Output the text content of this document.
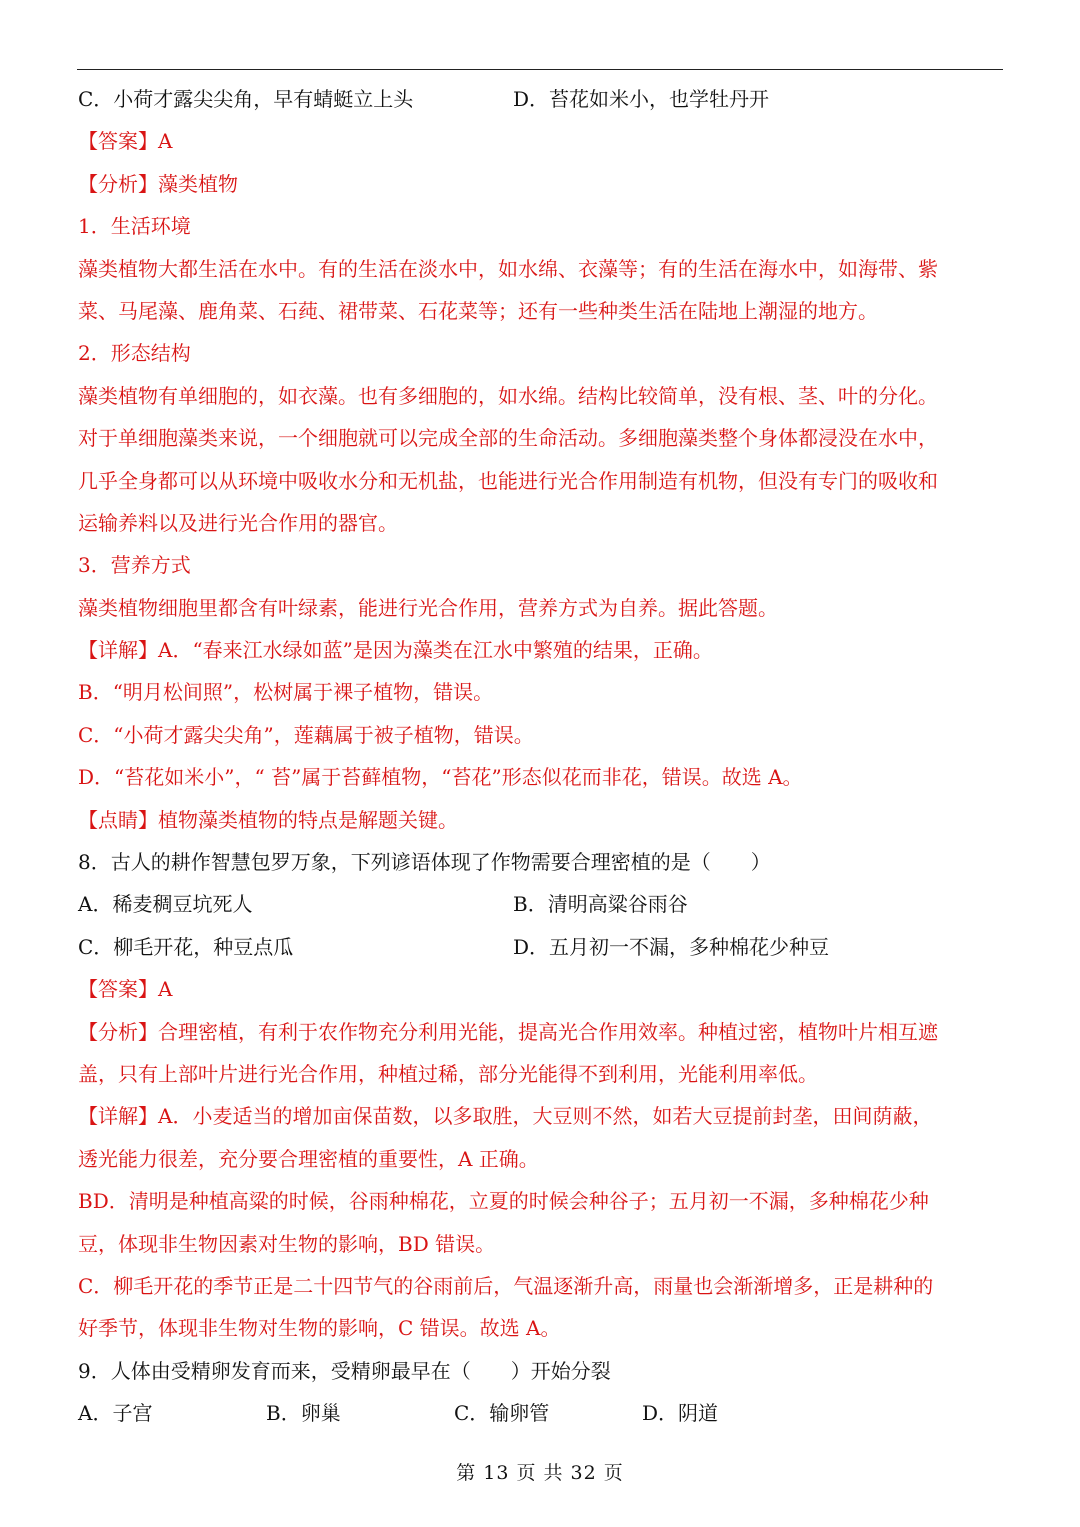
C．小荷才露尖尖角，早有蜻蜓立上头	D．苔花如米小，也学牡丹开
【答案】A
【分析】藻类植物
1．生活环境
藻类植物大都生活在水中。有的生活在淡水中，如水绵、衣藻等；有的生活在海水中，如海带、紫
菜、马尾藻、鹿角菜、石莼、裙带菜、石花菜等；还有一些种类生活在陆地上潮湿的地方。
2．形态结构
藻类植物有单细胞的，如衣藻。也有多细胞的，如水绵。结构比较简单，没有根、茎、叶的分化。
对于单细胞藻类来说，一个细胞就可以完成全部的生命活动。多细胞藻类整个身体都浸没在水中，
几乎全身都可以从环境中吸收水分和无机盐，也能进行光合作用制造有机物，但没有专门的吸收和
运输养料以及进行光合作用的器官。
3．营养方式
藻类植物细胞里都含有叶绿素，能进行光合作用，营养方式为自养。据此答题。
【详解】A．“春来江水绿如蓝”是因为藻类在江水中繁殖的结果，正确。
B．“明月松间照”，松树属于裸子植物，错误。
C．“小荷才露尖尖角”，莲藕属于被子植物，错误。
D．“苔花如米小”，“ 苔”属于苔藓植物，“苔花”形态似花而非花，错误。故选 A。
【点睛】植物藻类植物的特点是解题关键。
8．古人的耕作智慧包罗万象，下列谚语体现了作物需要合理密植的是（　　）
A．稀麦稠豆坑死人	B．清明高粱谷雨谷
C．柳毛开花，种豆点瓜	D．五月初一不漏，多种棉花少种豆
【答案】A
【分析】合理密植，有利于农作物充分利用光能，提高光合作用效率。种植过密，植物叶片相互遮
盖，只有上部叶片进行光合作用，种植过稀，部分光能得不到利用，光能利用率低。
【详解】A．小麦适当的增加亩保苗数，以多取胜，大豆则不然，如若大豆提前封垄，田间荫蔽，
透光能力很差，充分要合理密植的重要性，A 正确。
BD．清明是种植高粱的时候，谷雨种棉花，立夏的时候会种谷子；五月初一不漏，多种棉花少种
豆，体现非生物因素对生物的影响，BD 错误。
C．柳毛开花的季节正是二十四节气的谷雨前后，气温逐渐升高，雨量也会渐渐增多，正是耕种的
好季节，体现非生物对生物的影响，C 错误。故选 A。
9．人体由受精卵发育而来，受精卵最早在（　　）开始分裂
A．子宫	B．卵巢	C．输卵管	D．阴道
第 13 页 共 32 页
